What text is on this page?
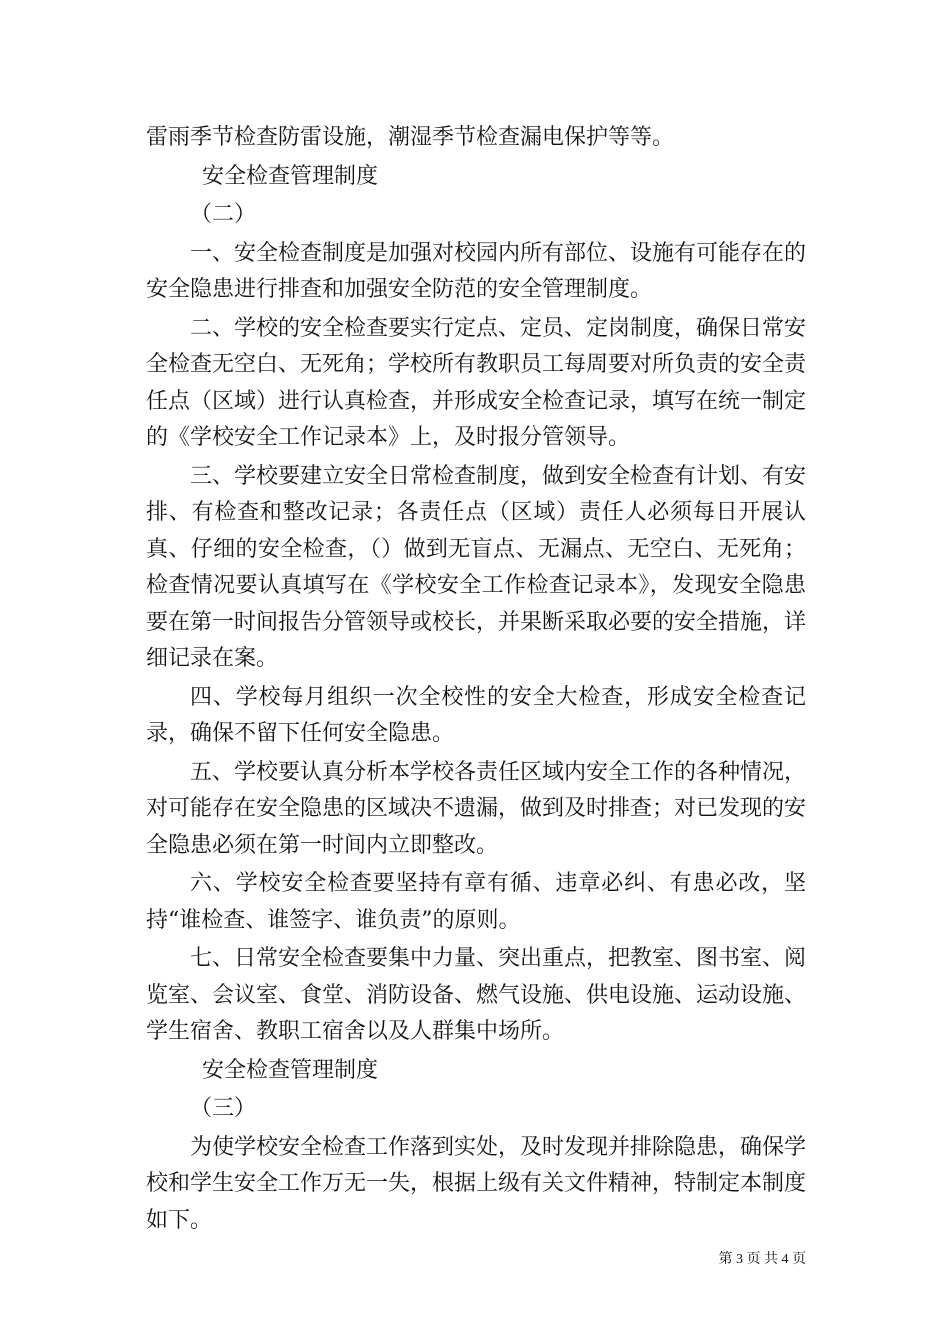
雷雨季节检查防雷设施，潮湿季节检查漏电保护等等。

安全检查管理制度

（二）

一、安全检查制度是加强对校园内所有部位、设施有可能存在的安全隐患进行排查和加强安全防范的安全管理制度。

二、学校的安全检查要实行定点、定员、定岗制度，确保日常安全检查无空白、无死角；学校所有教职员工每周要对所负责的安全责任点（区域）进行认真检查，并形成安全检查记录，填写在统一制定的《学校安全工作记录本》上，及时报分管领导。

三、学校要建立安全日常检查制度，做到安全检查有计划、有安排、有检查和整改记录；各责任点（区域）责任人必须每日开展认真、仔细的安全检查，（）做到无盲点、无漏点、无空白、无死角；检查情况要认真填写在《学校安全工作检查记录本》，发现安全隐患要在第一时间报告分管领导或校长，并果断采取必要的安全措施，详细记录在案。

四、学校每月组织一次全校性的安全大检查，形成安全检查记录，确保不留下任何安全隐患。

五、学校要认真分析本学校各责任区域内安全工作的各种情况，对可能存在安全隐患的区域决不遗漏，做到及时排查；对已发现的安全隐患必须在第一时间内立即整改。

六、学校安全检查要坚持有章有循、违章必纠、有患必改，坚持“谁检查、谁签字、谁负责”的原则。

七、日常安全检查要集中力量、突出重点，把教室、图书室、阅览室、会议室、食堂、消防设备、燃气设施、供电设施、运动设施、学生宿舍、教职工宿舍以及人群集中场所。

安全检查管理制度

（三）

为使学校安全检查工作落到实处，及时发现并排除隐患，确保学校和学生安全工作万无一失，根据上级有关文件精神，特制定本制度如下。

第 3 页 共 4 页
